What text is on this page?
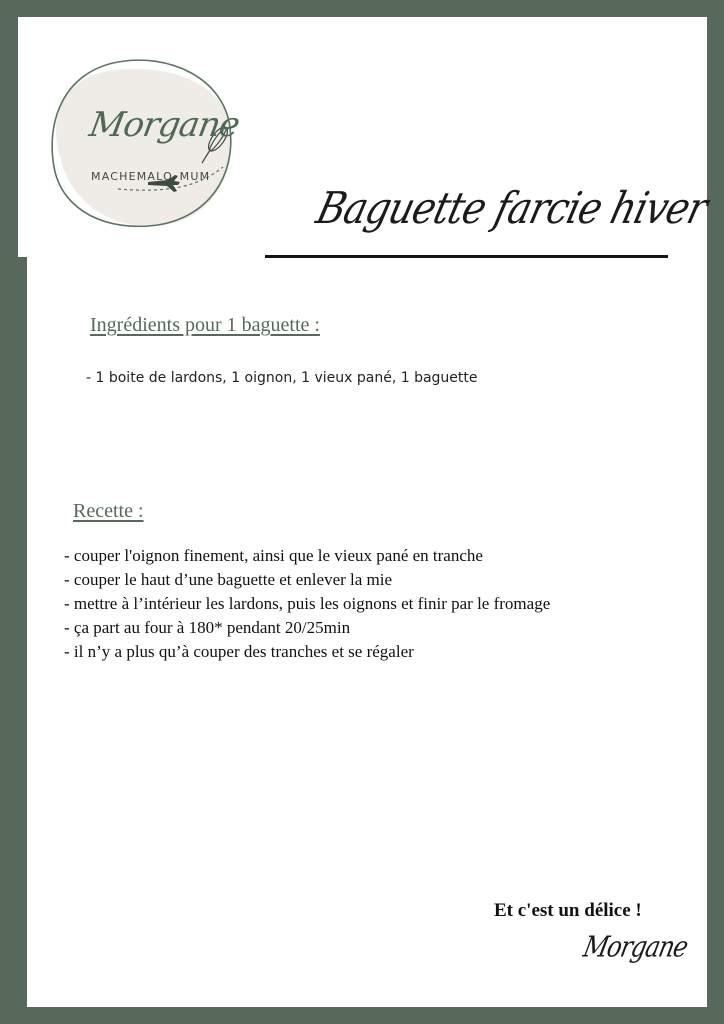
Morgane
MACHEMALO_MUM
Baguette farcie hiver
Ingrédients pour 1 baguette :
- 1 boite de lardons, 1 oignon, 1 vieux pané, 1 baguette
Recette :
- couper l'oignon finement, ainsi que le vieux pané en tranche
- couper le haut d’une baguette et enlever la mie
- mettre à l’intérieur les lardons, puis les oignons et finir par le fromage
- ça part au four à 180* pendant 20/25min
- il n’y a plus qu’à couper des tranches et se régaler
Et c'est un délice !
Morgane
